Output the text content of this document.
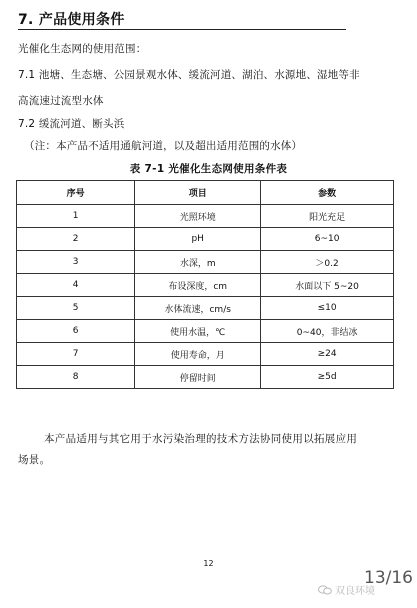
7. 产品使用条件
光催化生态网的使用范围：
7.1 池塘、生态塘、公园景观水体、缓流河道、湖泊、水源地、湿地等非
高流速过流型水体
7.2 缓流河道、断头浜
（注：本产品不适用通航河道，以及超出适用范围的水体）
表 7-1 光催化生态网使用条件表
序号	项目	参数
1	光照环境	阳光充足
2	pH	6~10
3	水深，m	＞0.2
4	布设深度，cm	水面以下 5~20
5	水体流速，cm/s	≤10
6	使用水温，℃	0~40，非结冰
7	使用寿命，月	≥24
8	停留时间	≥5d
本产品适用与其它用于水污染治理的技术方法协同使用以拓展应用场景。
12
13/16
双良环境
